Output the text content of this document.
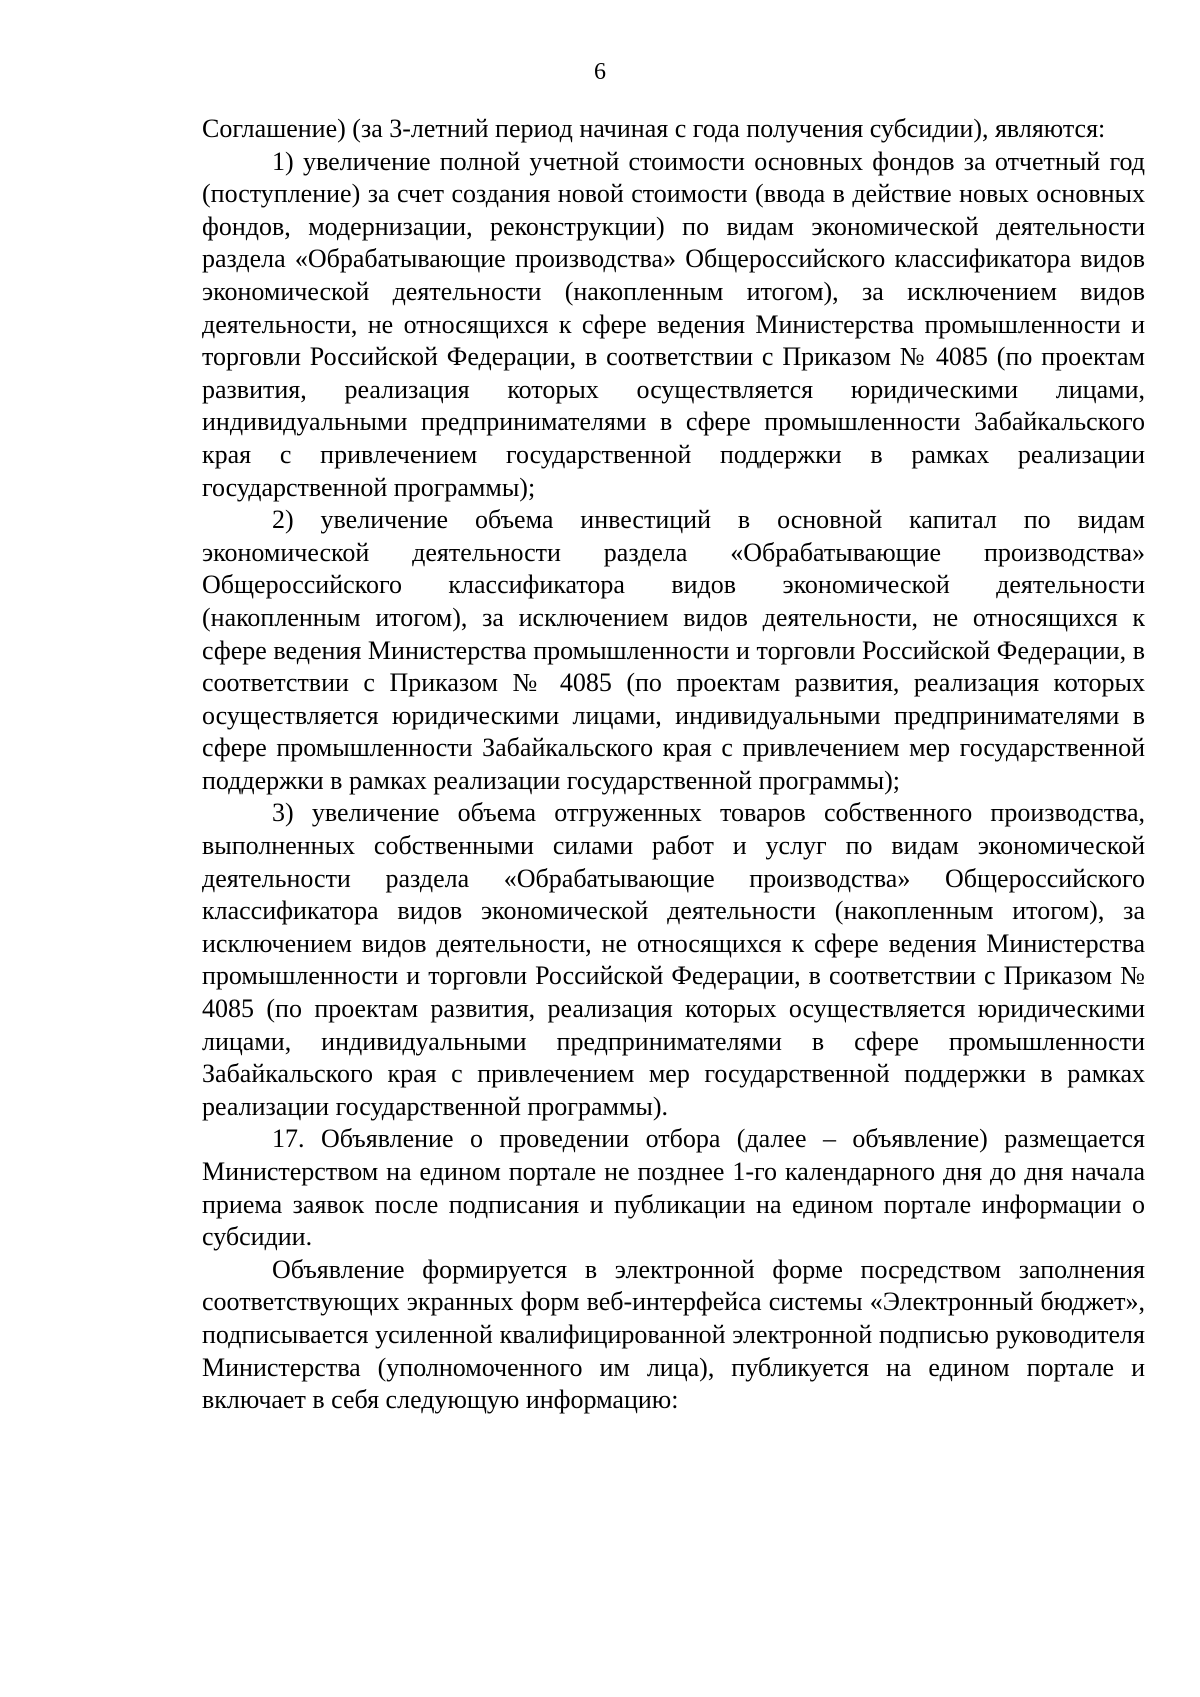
6

Соглашение) (за 3-летний период начиная с года получения субсидии), являются:

1) увеличение полной учетной стоимости основных фондов за отчетный год (поступление) за счет создания новой стоимости (ввода в действие новых основных фондов, модернизации, реконструкции) по видам экономической деятельности раздела «Обрабатывающие производства» Общероссийского классификатора видов экономической деятельности (накопленным итогом), за исключением видов деятельности, не относящихся к сфере ведения Министерства промышленности и торговли Российской Федерации, в соответствии с Приказом № 4085 (по проектам развития, реализация которых осуществляется юридическими лицами, индивидуальными предпринимателями в сфере промышленности Забайкальского края с привлечением государственной поддержки в рамках реализации государственной программы);

2) увеличение объема инвестиций в основной капитал по видам экономической деятельности раздела «Обрабатывающие производства» Общероссийского классификатора видов экономической деятельности (накопленным итогом), за исключением видов деятельности, не относящихся к сфере ведения Министерства промышленности и торговли Российской Федерации, в соответствии с Приказом № 4085 (по проектам развития, реализация которых осуществляется юридическими лицами, индивидуальными предпринимателями в сфере промышленности Забайкальского края с привлечением мер государственной поддержки в рамках реализации государственной программы);

3) увеличение объема отгруженных товаров собственного производства, выполненных собственными силами работ и услуг по видам экономической деятельности раздела «Обрабатывающие производства» Общероссийского классификатора видов экономической деятельности (накопленным итогом), за исключением видов деятельности, не относящихся к сфере ведения Министерства промышленности и торговли Российской Федерации, в соответствии с Приказом № 4085 (по проектам развития, реализация которых осуществляется юридическими лицами, индивидуальными предпринимателями в сфере промышленности Забайкальского края с привлечением мер государственной поддержки в рамках реализации государственной программы).

17. Объявление о проведении отбора (далее – объявление) размещается Министерством на едином портале не позднее 1-го календарного дня до дня начала приема заявок после подписания и публикации на едином портале информации о субсидии.

Объявление формируется в электронной форме посредством заполнения соответствующих экранных форм веб-интерфейса системы «Электронный бюджет», подписывается усиленной квалифицированной электронной подписью руководителя Министерства (уполномоченного им лица), публикуется на едином портале и включает в себя следующую информацию:
